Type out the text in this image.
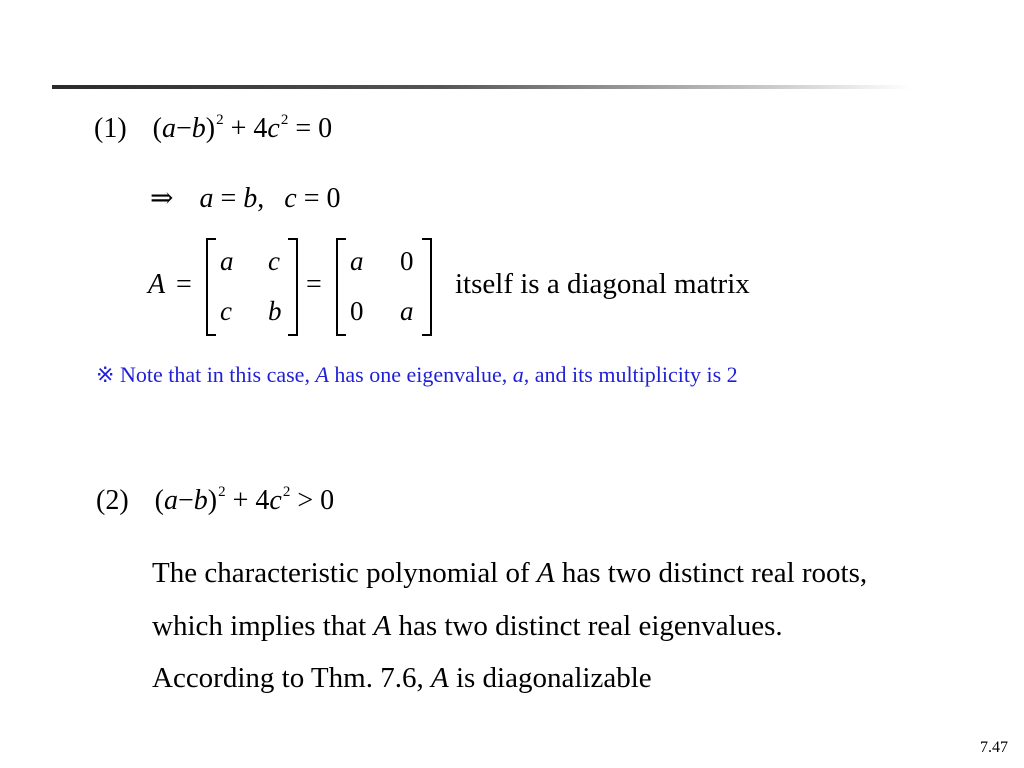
(1) $(a-b)^2 + 4c^2 = 0$
⇒ a = b, c = 0
A =
a c
c b
=
a 0
0 a
itself is a diagonal matrix
※ Note that in this case, A has one eigenvalue, a, and its multiplicity is 2
(2) $(a-b)^2 + 4c^2 > 0$
The characteristic polynomial of A has two distinct real roots,
which implies that A has two distinct real eigenvalues.
According to Thm. 7.6, A is diagonalizable
7.47
